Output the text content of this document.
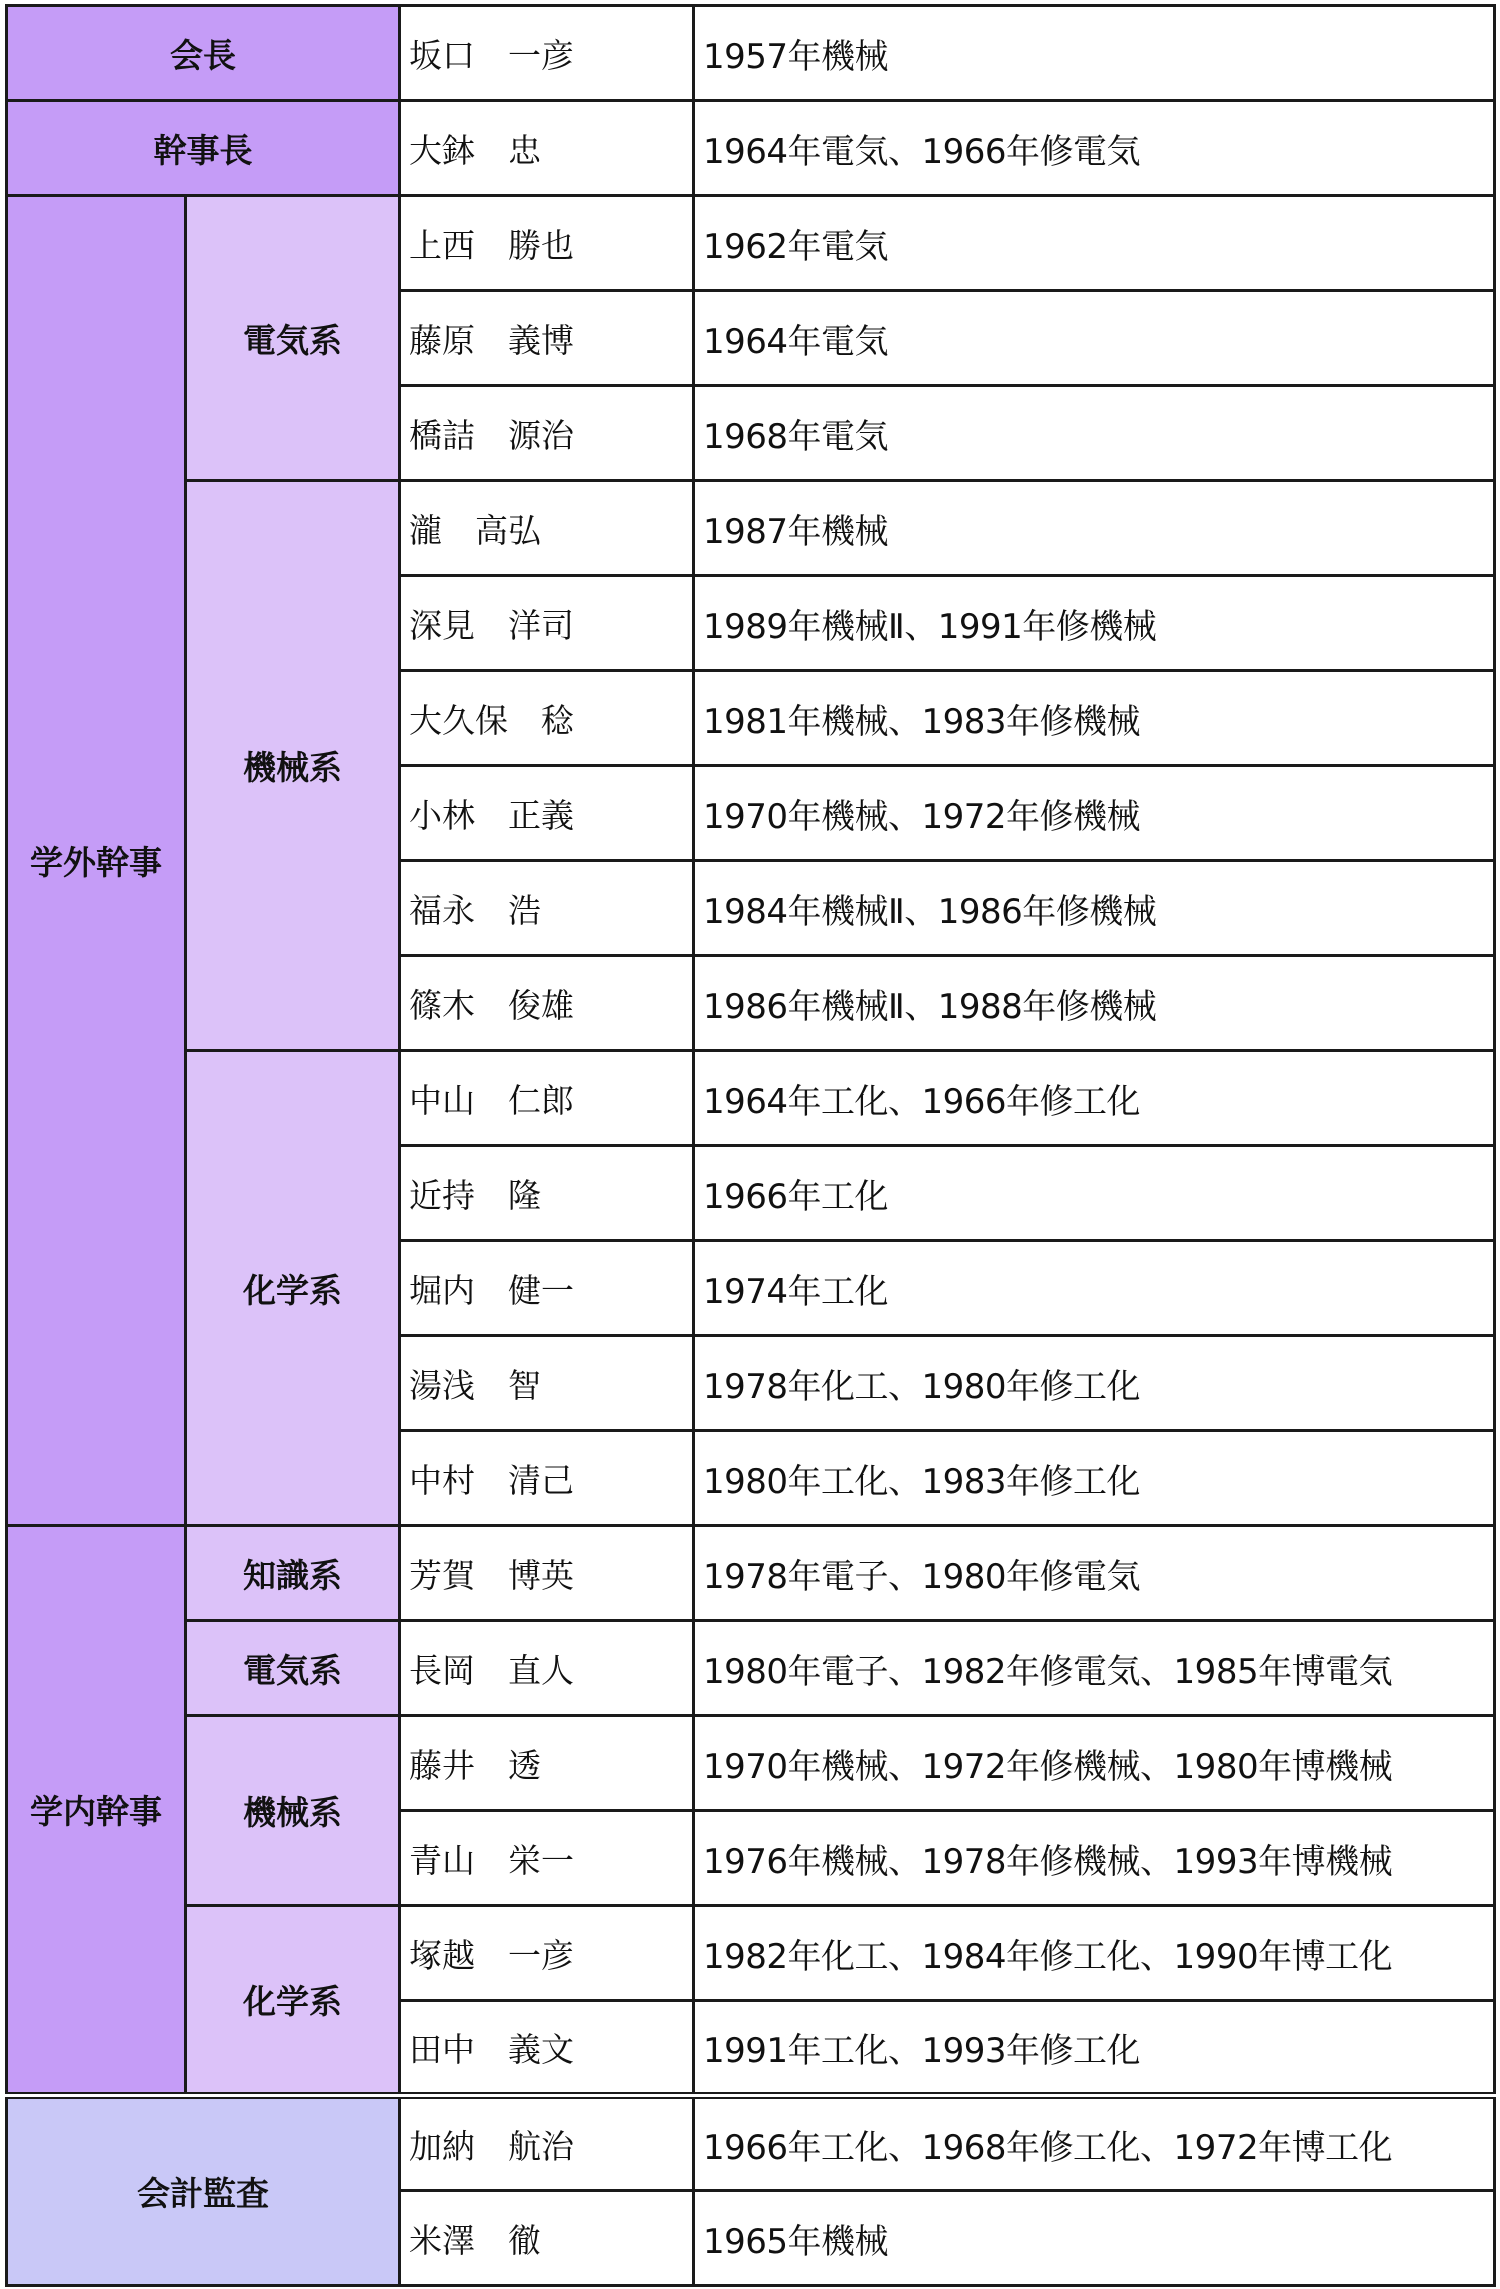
会長		坂口　一彦	1957年機械
幹事長		大鉢　忠	1964年電気、1966年修電気
学外幹事	電気系	上西　勝也	1962年電気
		藤原　義博	1964年電気
		橋詰　源治	1968年電気
	機械系	瀧　高弘	1987年機械
		深見　洋司	1989年機械Ⅱ、1991年修機械
		大久保　稔	1981年機械、1983年修機械
		小林　正義	1970年機械、1972年修機械
		福永　浩	1984年機械Ⅱ、1986年修機械
		篠木　俊雄	1986年機械Ⅱ、1988年修機械
	化学系	中山　仁郎	1964年工化、1966年修工化
		近持　隆	1966年工化
		堀内　健一	1974年工化
		湯浅　智	1978年化工、1980年修工化
		中村　清己	1980年工化、1983年修工化
学内幹事	知識系	芳賀　博英	1978年電子、1980年修電気
	電気系	長岡　直人	1980年電子、1982年修電気、1985年博電気
	機械系	藤井　透	1970年機械、1972年修機械、1980年博機械
		青山　栄一	1976年機械、1978年修機械、1993年博機械
	化学系	塚越　一彦	1982年化工、1984年修工化、1990年博工化
		田中　義文	1991年工化、1993年修工化
会計監査		加納　航治	1966年工化、1968年修工化、1972年博工化
		米澤　徹	1965年機械
